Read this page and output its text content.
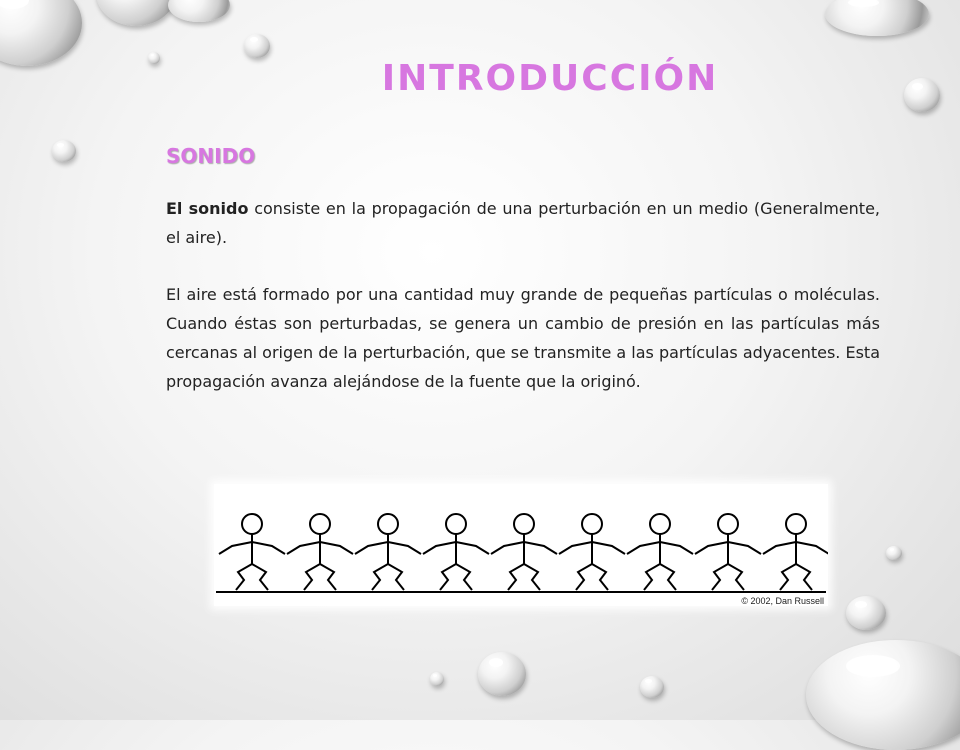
INTRODUCCIÓN
SONIDO

El sonido consiste en la propagación de una perturbación en un medio (Generalmente, el aire).

El aire está formado por una cantidad muy grande de pequeñas partículas o moléculas. Cuando éstas son perturbadas, se genera un cambio de presión en las partículas más cercanas al origen de la perturbación, que se transmite a las partículas adyacentes. Esta propagación avanza alejándose de la fuente que la originó.

© 2002, Dan Russell
